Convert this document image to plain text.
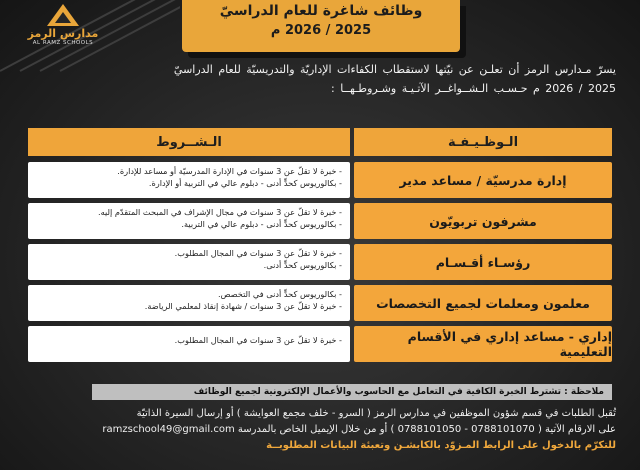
مدارس الرمز
AL RAMZ SCHOOLS
وظائف شاغرة للعام الدراسيّ
2025 / 2026 م
يسرّ مـدارس الرمز أن تعلـن عن نيّتها لاستقطاب الكفاءات الإداريّة والتدريسيّة للعام الدراسيّ
2025 / 2026 م حـسـب الـشــواغــر الآتـيـة وشـروطـهــا :
الـوظـيـفـة
الـشــروط
إدارة مدرسيّة / مساعد مدير
- خبرة لا تقلّ عن 3 سنوات في الإدارة المدرسيّة أو مساعد للإدارة.
- بكالوريوس كحدٍّ أدنى - دبلوم عالي في التربية أو الإدارة.
مشرفون تربويّون
- خبرة لا تقلّ عن 3 سنوات في مجال الإشراف في المبحث المتقدّم إليه.
- بكالوريوس كحدٍّ أدنى - دبلوم عالي في التربية.
رؤسـاء أقـسـام
- خبرة لا تقلّ عن 3 سنوات في المجال المطلوب.
- بكالوريوس كحدٍّ أدنى.
معلمون ومعلمات لجميع التخصصات
- بكالوريوس كحدٍّ أدنى في التخصص.
- خبرة لا تقلّ عن 3 سنوات / شهادة إنقاذ لمعلمي الرياضة.
إداري - مساعد إداري في الأقسام التعليمية
- خبرة لا تقلّ عن 3 سنوات في المجال المطلوب.
ملاحظة : تشترط الخبرة الكافية في التعامل مع الحاسوب والأعمال الإلكترونية لجميع الوظائف
تُقبل الطلبات في قسم شؤون الموظفين في مدارس الرمز ( السرو - خلف مجمع العوايشة ) أو إرسال السيرة الذاتيّة
على الارقام الآتية ( 0788101070 - 0788101050 ) أو من خلال الإيميل الخاص بالمدرسة ramzschool49@gmail.com
للتكرّم بالدخول على الرابط المـزوّد بالكابشـن وتعبئة البيانات المطلوبــة
